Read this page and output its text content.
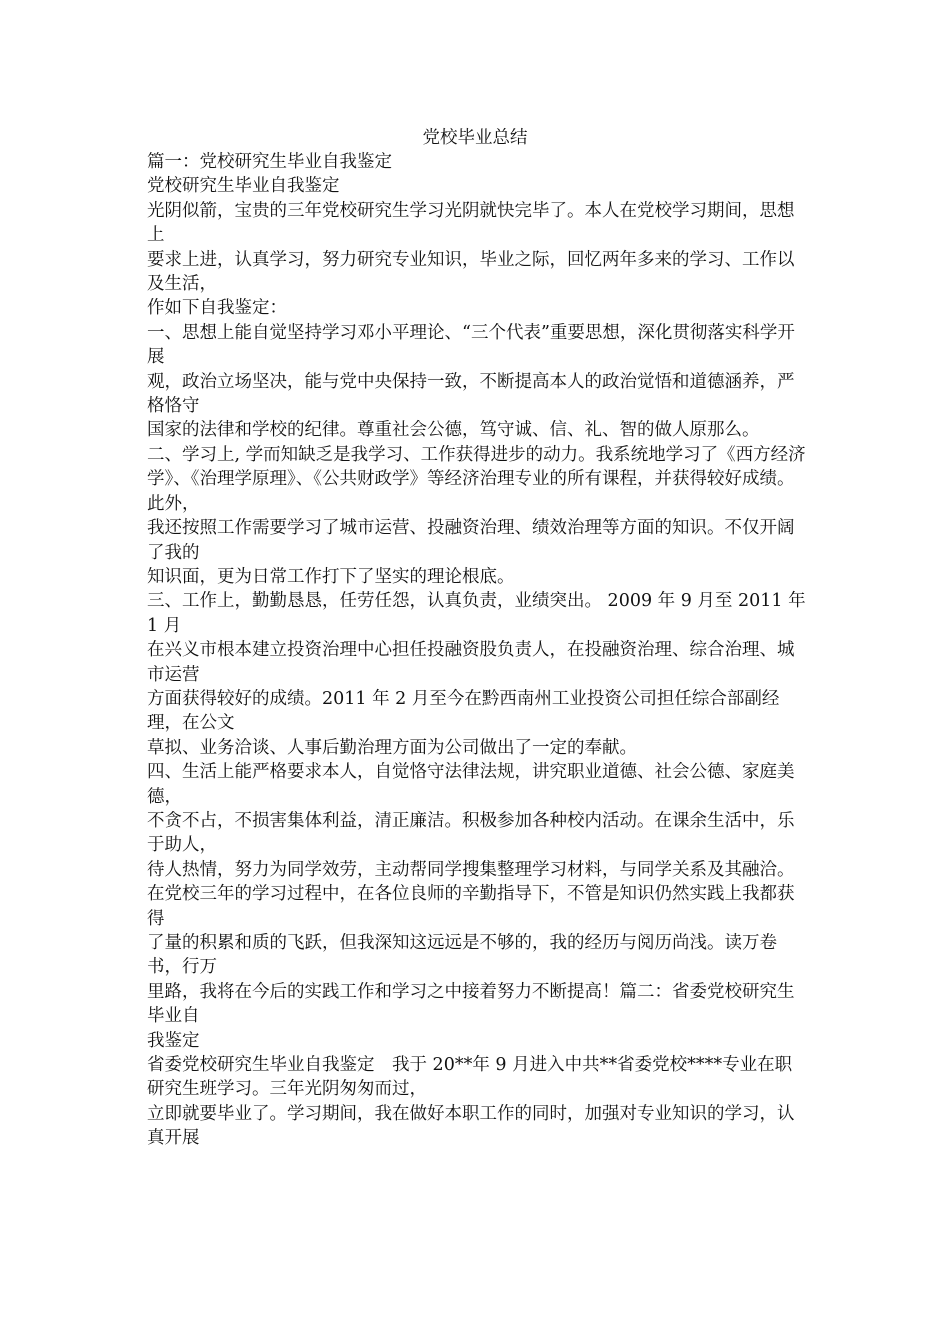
党校毕业总结

篇一：党校研究生毕业自我鉴定

党校研究生毕业自我鉴定

光阴似箭，宝贵的三年党校研究生学习光阴就快完毕了。本人在党校学习期间，思想上

要求上进，认真学习，努力研究专业知识，毕业之际，回忆两年多来的学习、工作以及生活，

作如下自我鉴定：

一、思想上能自觉坚持学习邓小平理论、“三个代表”重要思想，深化贯彻落实科学开展

观，政治立场坚决，能与党中央保持一致，不断提高本人的政治觉悟和道德涵养，严格恪守

国家的法律和学校的纪律。尊重社会公德，笃守诚、信、礼、智的做人原那么。

二、学习上, 学而知缺乏是我学习、工作获得进步的动力。我系统地学习了《西方经济

学》、《治理学原理》、《公共财政学》等经济治理专业的所有课程，并获得较好成绩。此外，

我还按照工作需要学习了城市运营、投融资治理、绩效治理等方面的知识。不仅开阔了我的

知识面，更为日常工作打下了坚实的理论根底。

三、工作上，勤勤恳恳，任劳任怨，认真负责，业绩突出。 2009 年 9 月至 2011 年 1 月

在兴义市根本建立投资治理中心担任投融资股负责人，在投融资治理、综合治理、城市运营

方面获得较好的成绩。2011 年 2 月至今在黔西南州工业投资公司担任综合部副经理，在公文

草拟、业务洽谈、人事后勤治理方面为公司做出了一定的奉献。

四、生活上能严格要求本人，自觉恪守法律法规，讲究职业道德、社会公德、家庭美德，

不贪不占，不损害集体利益，清正廉洁。积极参加各种校内活动。在课余生活中，乐于助人，

待人热情，努力为同学效劳，主动帮同学搜集整理学习材料，与同学关系及其融洽。在党校三年的学习过程中，在各位良师的辛勤指导下，不管是知识仍然实践上我都获得

了量的积累和质的飞跃，但我深知这远远是不够的，我的经历与阅历尚浅。读万卷书，行万

里路，我将在今后的实践工作和学习之中接着努力不断提高！篇二：省委党校研究生毕业自

我鉴定

省委党校研究生毕业自我鉴定　我于 20**年 9 月进入中共**省委党校****专业在职研究生班学习。三年光阴匆匆而过，

立即就要毕业了。学习期间，我在做好本职工作的同时，加强对专业知识的学习，认真开展
